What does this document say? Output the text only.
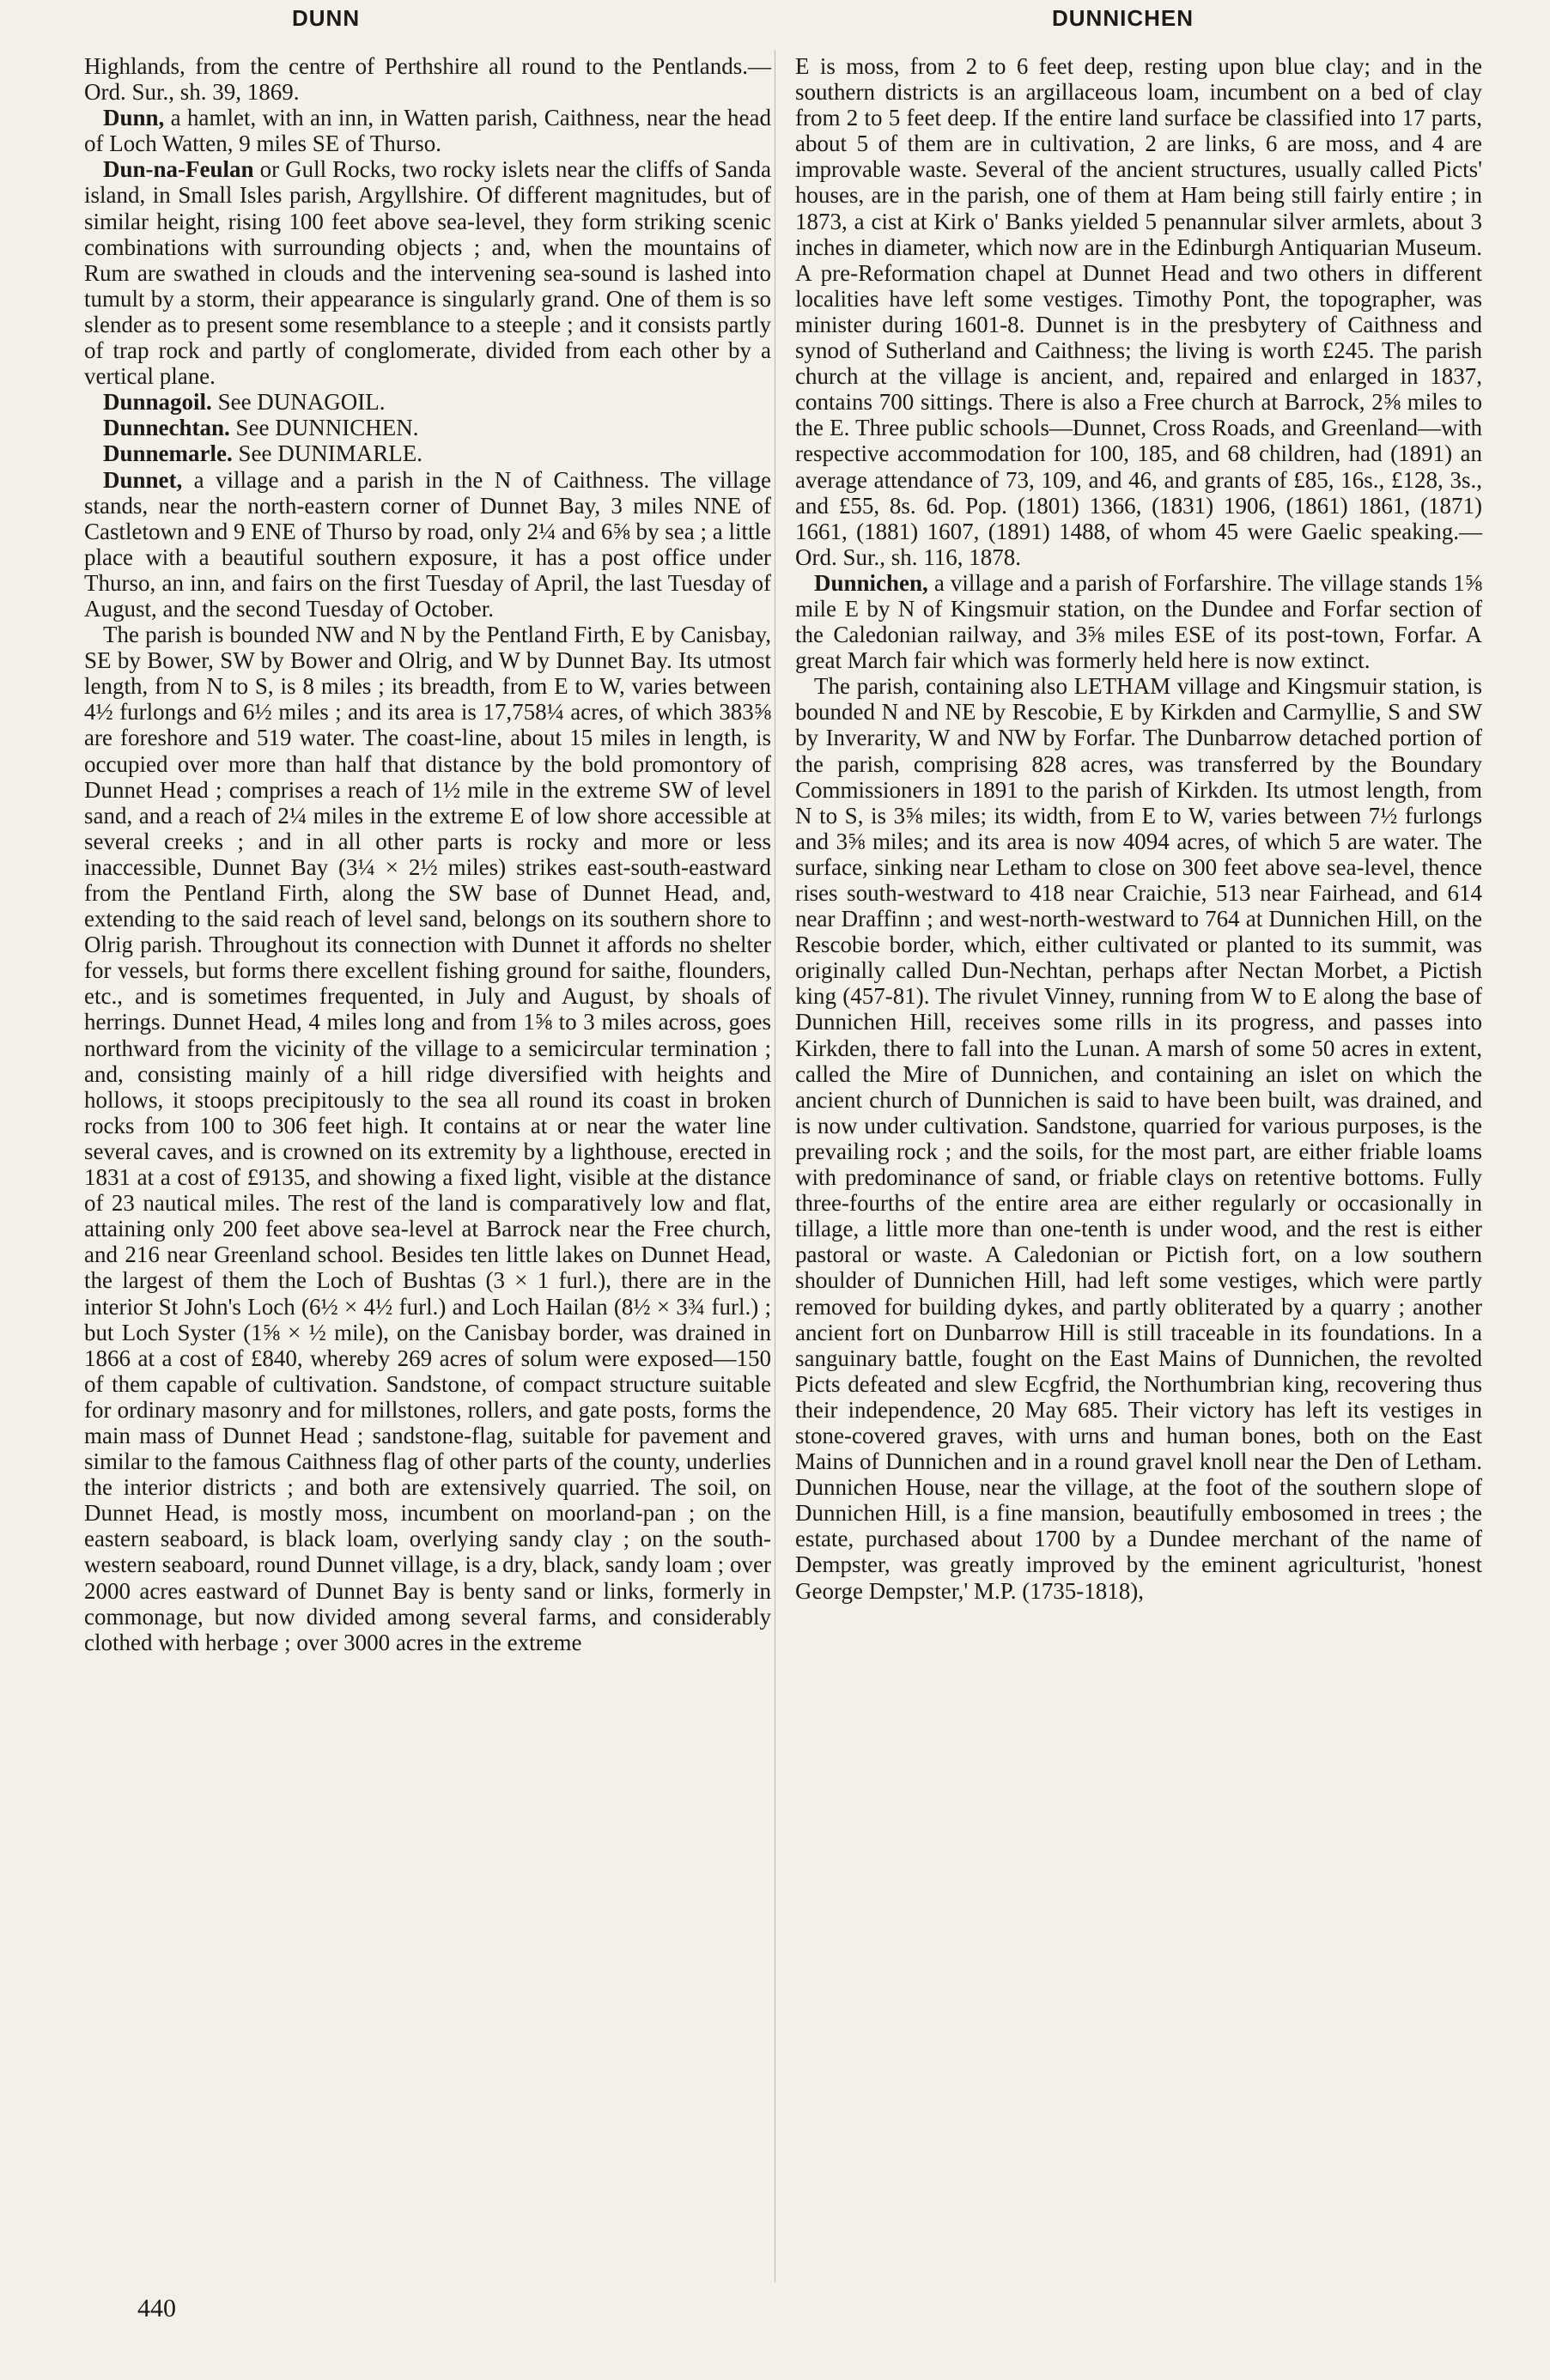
DUNN	DUNNICHEN

Highlands, from the centre of Perthshire all round to the Pentlands.—Ord. Sur., sh. 39, 1869.

Dunn, a hamlet, with an inn, in Watten parish, Caithness, near the head of Loch Watten, 9 miles SE of Thurso.

Dun-na-Feulan or Gull Rocks, two rocky islets near the cliffs of Sanda island, in Small Isles parish, Argyllshire. Of different magnitudes, but of similar height, rising 100 feet above sea-level, they form striking scenic combinations with surrounding objects ; and, when the mountains of Rum are swathed in clouds and the intervening sea-sound is lashed into tumult by a storm, their appearance is singularly grand. One of them is so slender as to present some resemblance to a steeple ; and it consists partly of trap rock and partly of conglomerate, divided from each other by a vertical plane.

Dunnagoil. See DUNAGOIL.

Dunnechtan. See DUNNICHEN.

Dunnemarle. See DUNIMARLE.

Dunnet, a village and a parish in the N of Caithness. The village stands, near the north-eastern corner of Dunnet Bay, 3 miles NNE of Castletown and 9 ENE of Thurso by road, only 2¼ and 6⅝ by sea ; a little place with a beautiful southern exposure, it has a post office under Thurso, an inn, and fairs on the first Tuesday of April, the last Tuesday of August, and the second Tuesday of October.

The parish is bounded NW and N by the Pentland Firth, E by Canisbay, SE by Bower, SW by Bower and Olrig, and W by Dunnet Bay. Its utmost length, from N to S, is 8 miles ; its breadth, from E to W, varies between 4½ furlongs and 6½ miles ; and its area is 17,758¼ acres, of which 383⅝ are foreshore and 519 water. The coast-line, about 15 miles in length, is occupied over more than half that distance by the bold promontory of Dunnet Head ; comprises a reach of 1½ mile in the extreme SW of level sand, and a reach of 2¼ miles in the extreme E of low shore accessible at several creeks ; and in all other parts is rocky and more or less inaccessible, Dunnet Bay (3¼ × 2½ miles) strikes east-south-eastward from the Pentland Firth, along the SW base of Dunnet Head, and, extending to the said reach of level sand, belongs on its southern shore to Olrig parish. Throughout its connection with Dunnet it affords no shelter for vessels, but forms there excellent fishing ground for saithe, flounders, etc., and is sometimes frequented, in July and August, by shoals of herrings. Dunnet Head, 4 miles long and from 1⅝ to 3 miles across, goes northward from the vicinity of the village to a semicircular termination ; and, consisting mainly of a hill ridge diversified with heights and hollows, it stoops precipitously to the sea all round its coast in broken rocks from 100 to 306 feet high. It contains at or near the water line several caves, and is crowned on its extremity by a lighthouse, erected in 1831 at a cost of £9135, and showing a fixed light, visible at the distance of 23 nautical miles. The rest of the land is comparatively low and flat, attaining only 200 feet above sea-level at Barrock near the Free church, and 216 near Greenland school. Besides ten little lakes on Dunnet Head, the largest of them the Loch of Bushtas (3 × 1 furl.), there are in the interior St John's Loch (6½ × 4½ furl.) and Loch Hailan (8½ × 3¾ furl.) ; but Loch Syster (1⅝ × ½ mile), on the Canisbay border, was drained in 1866 at a cost of £840, whereby 269 acres of solum were exposed—150 of them capable of cultivation. Sandstone, of compact structure suitable for ordinary masonry and for millstones, rollers, and gate posts, forms the main mass of Dunnet Head ; sandstone-flag, suitable for pavement and similar to the famous Caithness flag of other parts of the county, underlies the interior districts ; and both are extensively quarried. The soil, on Dunnet Head, is mostly moss, incumbent on moorland-pan ; on the eastern seaboard, is black loam, overlying sandy clay ; on the south-western seaboard, round Dunnet village, is a dry, black, sandy loam ; over 2000 acres eastward of Dunnet Bay is benty sand or links, formerly in commonage, but now divided among several farms, and considerably clothed with herbage ; over 3000 acres in the extreme

E is moss, from 2 to 6 feet deep, resting upon blue clay; and in the southern districts is an argillaceous loam, incumbent on a bed of clay from 2 to 5 feet deep. If the entire land surface be classified into 17 parts, about 5 of them are in cultivation, 2 are links, 6 are moss, and 4 are improvable waste. Several of the ancient structures, usually called Picts' houses, are in the parish, one of them at Ham being still fairly entire ; in 1873, a cist at Kirk o' Banks yielded 5 penannular silver armlets, about 3 inches in diameter, which now are in the Edinburgh Antiquarian Museum. A pre-Reformation chapel at Dunnet Head and two others in different localities have left some vestiges. Timothy Pont, the topographer, was minister during 1601-8. Dunnet is in the presbytery of Caithness and synod of Sutherland and Caithness; the living is worth £245. The parish church at the village is ancient, and, repaired and enlarged in 1837, contains 700 sittings. There is also a Free church at Barrock, 2⅝ miles to the E. Three public schools—Dunnet, Cross Roads, and Greenland—with respective accommodation for 100, 185, and 68 children, had (1891) an average attendance of 73, 109, and 46, and grants of £85, 16s., £128, 3s., and £55, 8s. 6d. Pop. (1801) 1366, (1831) 1906, (1861) 1861, (1871) 1661, (1881) 1607, (1891) 1488, of whom 45 were Gaelic speaking.—Ord. Sur., sh. 116, 1878.

Dunnichen, a village and a parish of Forfarshire. The village stands 1⅝ mile E by N of Kingsmuir station, on the Dundee and Forfar section of the Caledonian railway, and 3⅝ miles ESE of its post-town, Forfar. A great March fair which was formerly held here is now extinct.

The parish, containing also LETHAM village and Kingsmuir station, is bounded N and NE by Rescobie, E by Kirkden and Carmyllie, S and SW by Inverarity, W and NW by Forfar. The Dunbarrow detached portion of the parish, comprising 828 acres, was transferred by the Boundary Commissioners in 1891 to the parish of Kirkden. Its utmost length, from N to S, is 3⅝ miles; its width, from E to W, varies between 7½ furlongs and 3⅝ miles; and its area is now 4094 acres, of which 5 are water. The surface, sinking near Letham to close on 300 feet above sea-level, thence rises south-westward to 418 near Craichie, 513 near Fairhead, and 614 near Draffinn ; and west-north-westward to 764 at Dunnichen Hill, on the Rescobie border, which, either cultivated or planted to its summit, was originally called Dun-Nechtan, perhaps after Nectan Morbet, a Pictish king (457-81). The rivulet Vinney, running from W to E along the base of Dunnichen Hill, receives some rills in its progress, and passes into Kirkden, there to fall into the Lunan. A marsh of some 50 acres in extent, called the Mire of Dunnichen, and containing an islet on which the ancient church of Dunnichen is said to have been built, was drained, and is now under cultivation. Sandstone, quarried for various purposes, is the prevailing rock ; and the soils, for the most part, are either friable loams with predominance of sand, or friable clays on retentive bottoms. Fully three-fourths of the entire area are either regularly or occasionally in tillage, a little more than one-tenth is under wood, and the rest is either pastoral or waste. A Caledonian or Pictish fort, on a low southern shoulder of Dunnichen Hill, had left some vestiges, which were partly removed for building dykes, and partly obliterated by a quarry ; another ancient fort on Dunbarrow Hill is still traceable in its foundations. In a sanguinary battle, fought on the East Mains of Dunnichen, the revolted Picts defeated and slew Ecgfrid, the Northumbrian king, recovering thus their independence, 20 May 685. Their victory has left its vestiges in stone-covered graves, with urns and human bones, both on the East Mains of Dunnichen and in a round gravel knoll near the Den of Letham. Dunnichen House, near the village, at the foot of the southern slope of Dunnichen Hill, is a fine mansion, beautifully embosomed in trees ; the estate, purchased about 1700 by a Dundee merchant of the name of Dempster, was greatly improved by the eminent agriculturist, 'honest George Dempster,' M.P. (1735-1818),

440
